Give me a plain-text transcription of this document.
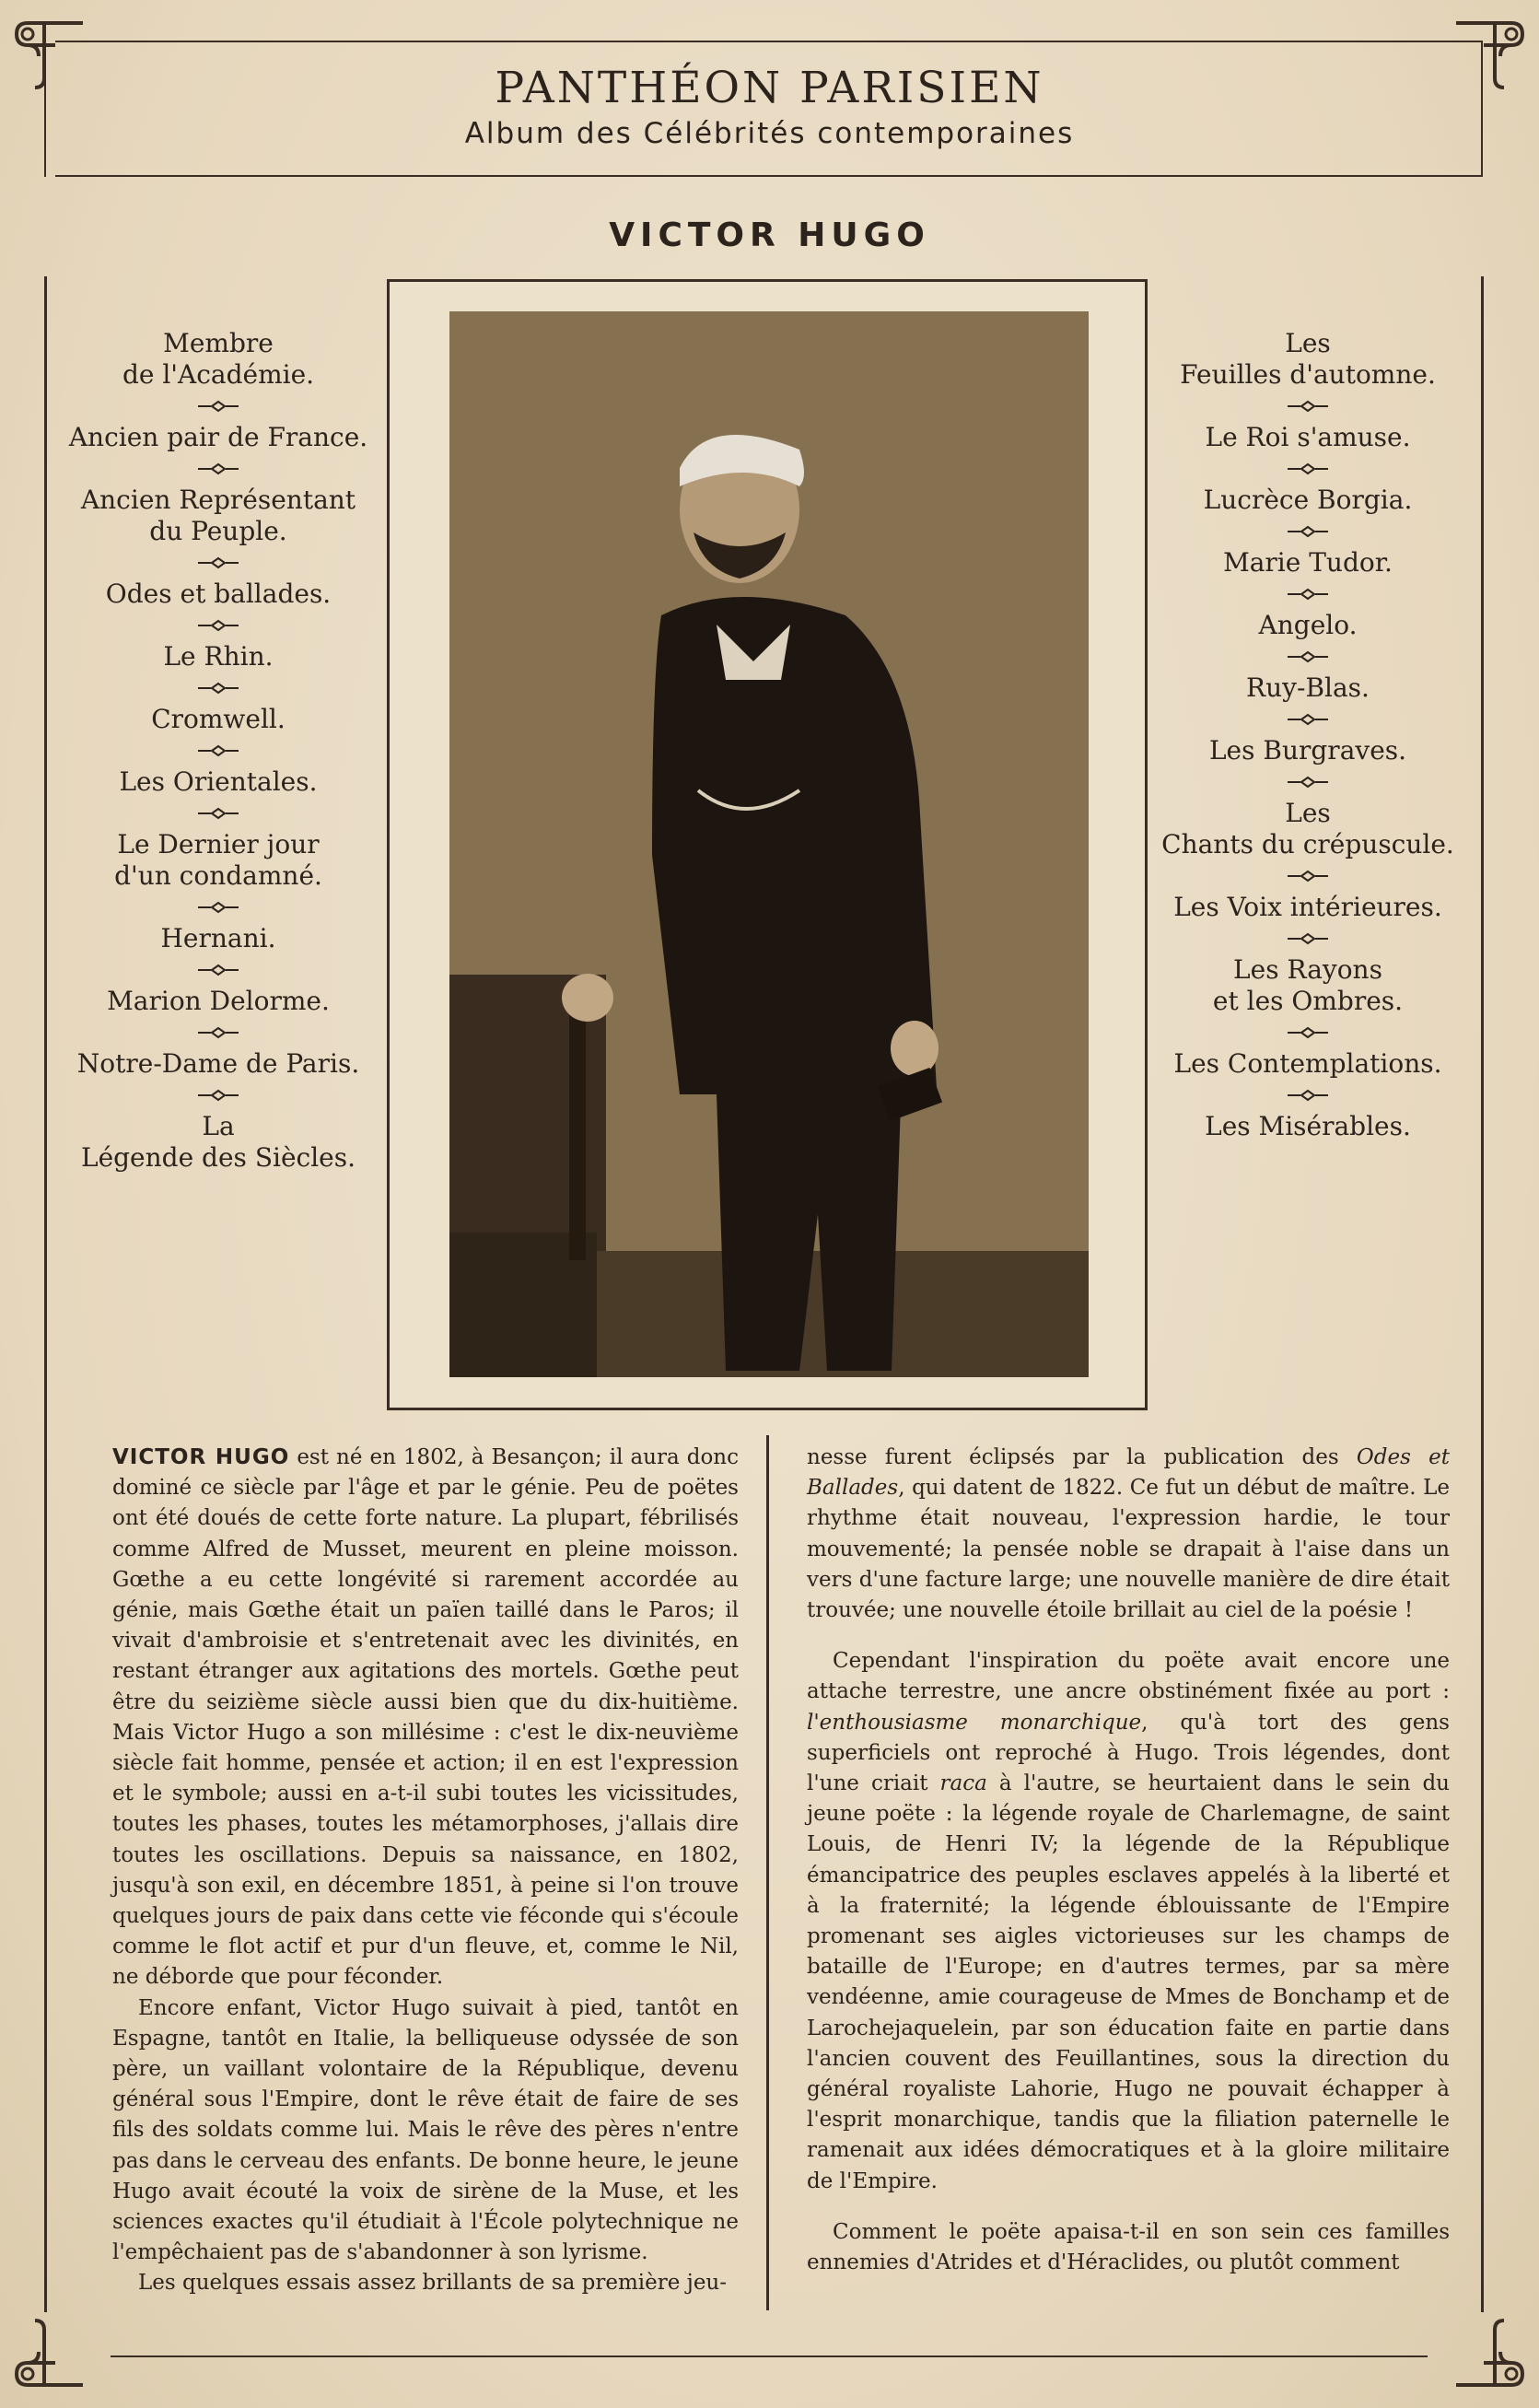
PANTHÉON PARISIEN
Album des Célébrités contemporaines
VICTOR HUGO

Membre
de l'Académie.

Ancien pair de France.

Ancien Représentant
du Peuple.

Odes et ballades.

Le Rhin.

Cromwell.

Les Orientales.

Le Dernier jour
d'un condamné.

Hernani.

Marion Delorme.

Notre-Dame de Paris.

La
Légende des Siècles.

Les
Feuilles d'automne.

Le Roi s'amuse.

Lucrèce Borgia.

Marie Tudor.

Angelo.

Ruy-Blas.

Les Burgraves.

Les
Chants du crépuscule.

Les Voix intérieures.

Les Rayons
et les Ombres.

Les Contemplations.

Les Misérables.

VICTOR HUGO est né en 1802, à Besançon; il aura donc dominé ce siècle par l'âge et par le génie. Peu de poëtes ont été doués de cette forte nature. La plupart, fébrilisés comme Alfred de Musset, meurent en pleine moisson. Gœthe a eu cette longévité si rarement accordée au génie, mais Gœthe était un païen taillé dans le Paros; il vivait d'ambroisie et s'entretenait avec les divinités, en restant étranger aux agitations des mortels. Gœthe peut être du seizième siècle aussi bien que du dix-huitième. Mais Victor Hugo a son millésime : c'est le dix-neuvième siècle fait homme, pensée et action; il en est l'expression et le symbole; aussi en a-t-il subi toutes les vicissitudes, toutes les phases, toutes les métamorphoses, j'allais dire toutes les oscillations. Depuis sa naissance, en 1802, jusqu'à son exil, en décembre 1851, à peine si l'on trouve quelques jours de paix dans cette vie féconde qui s'écoule comme le flot actif et pur d'un fleuve, et, comme le Nil, ne déborde que pour féconder.

Encore enfant, Victor Hugo suivait à pied, tantôt en Espagne, tantôt en Italie, la belliqueuse odyssée de son père, un vaillant volontaire de la République, devenu général sous l'Empire, dont le rêve était de faire de ses fils des soldats comme lui. Mais le rêve des pères n'entre pas dans le cerveau des enfants. De bonne heure, le jeune Hugo avait écouté la voix de sirène de la Muse, et les sciences exactes qu'il étudiait à l'École polytechnique ne l'empêchaient pas de s'abandonner à son lyrisme.

Les quelques essais assez brillants de sa première jeu-

nesse furent éclipsés par la publication des Odes et Ballades, qui datent de 1822. Ce fut un début de maître. Le rhythme était nouveau, l'expression hardie, le tour mouvementé; la pensée noble se drapait à l'aise dans un vers d'une facture large; une nouvelle manière de dire était trouvée; une nouvelle étoile brillait au ciel de la poésie !

Cependant l'inspiration du poëte avait encore une attache terrestre, une ancre obstinément fixée au port : l'enthousiasme monarchique, qu'à tort des gens superficiels ont reproché à Hugo. Trois légendes, dont l'une criait raca à l'autre, se heurtaient dans le sein du jeune poëte : la légende royale de Charlemagne, de saint Louis, de Henri IV; la légende de la République émancipatrice des peuples esclaves appelés à la liberté et à la fraternité; la légende éblouissante de l'Empire promenant ses aigles victorieuses sur les champs de bataille de l'Europe; en d'autres termes, par sa mère vendéenne, amie courageuse de Mmes de Bonchamp et de Larochejaquelein, par son éducation faite en partie dans l'ancien couvent des Feuillantines, sous la direction du général royaliste Lahorie, Hugo ne pouvait échapper à l'esprit monarchique, tandis que la filiation paternelle le ramenait aux idées démocratiques et à la gloire militaire de l'Empire.

Comment le poëte apaisa-t-il en son sein ces familles ennemies d'Atrides et d'Héraclides, ou plutôt comment
